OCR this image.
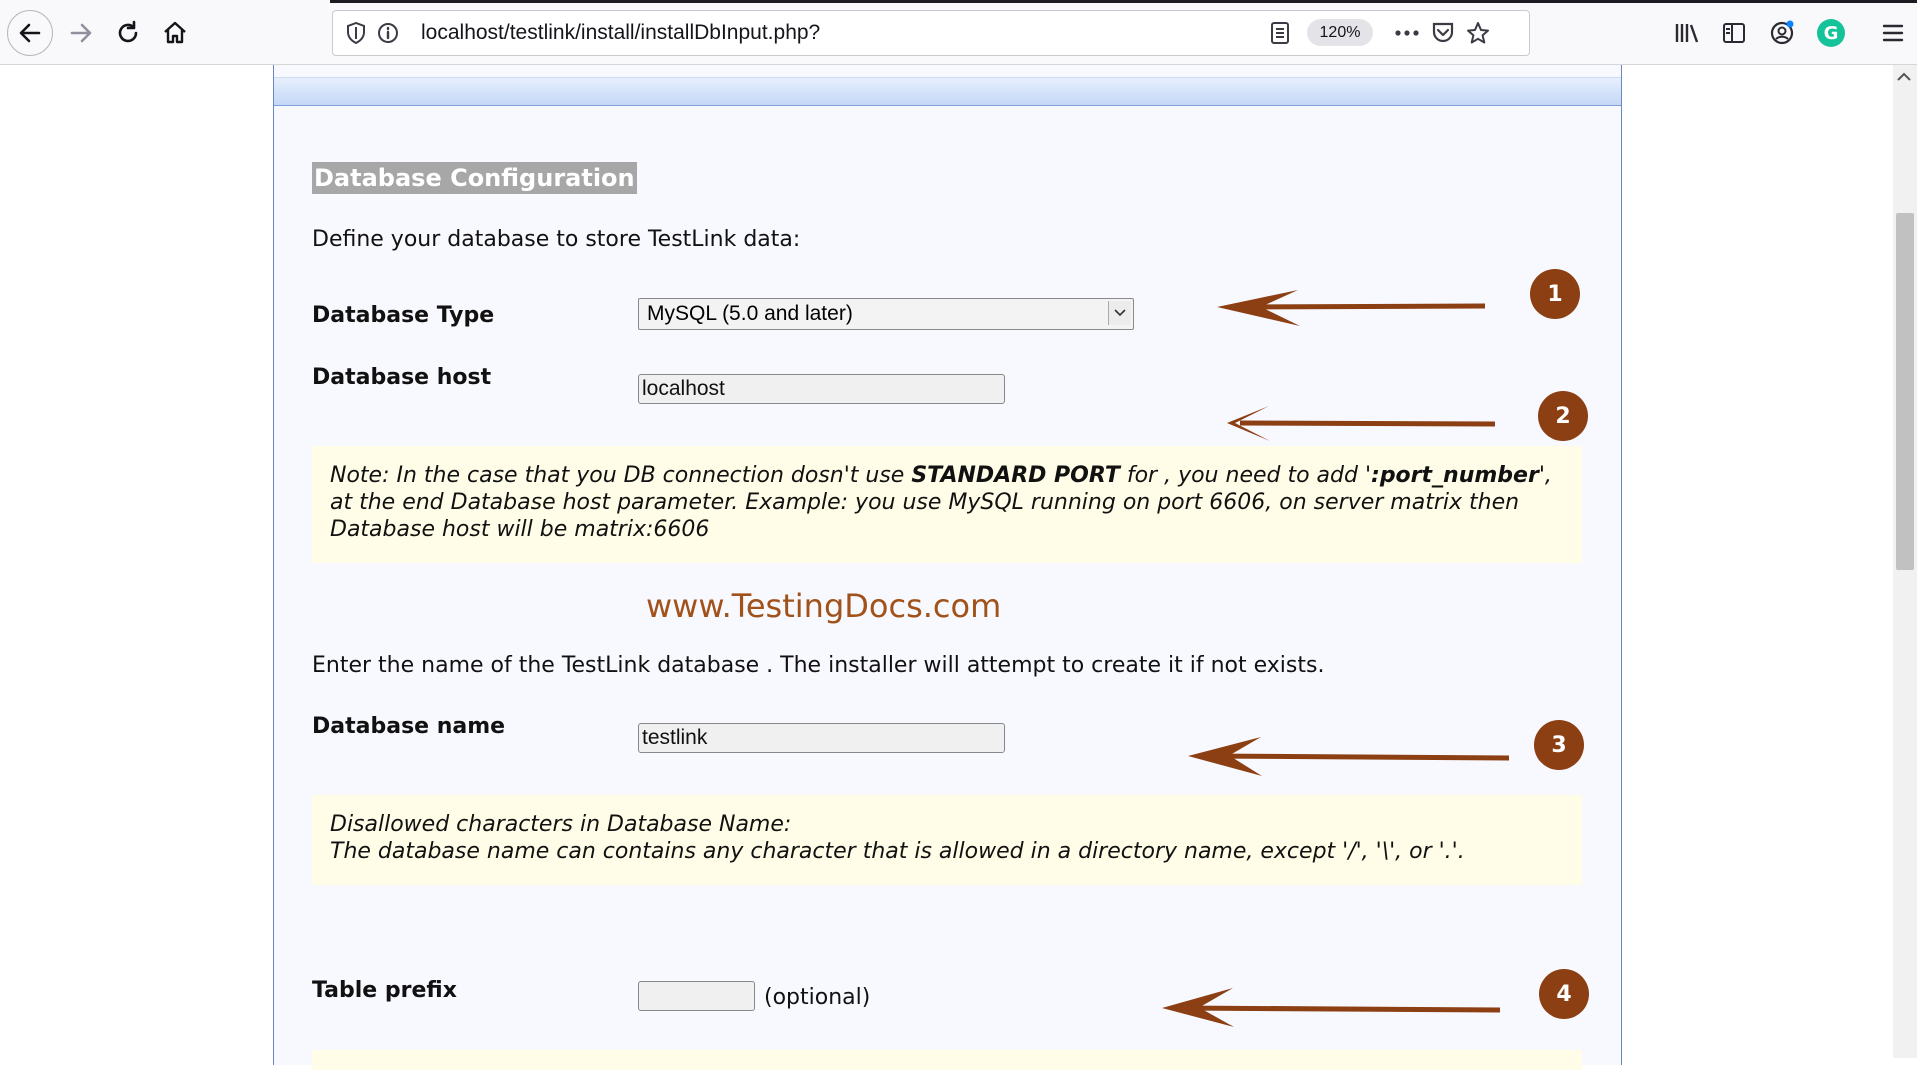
localhost/testlink/install/installDbInput.php?	120%	G
Database Configuration
Define your database to store TestLink data:
Database Type	MySQL (5.0 and later)
Database host	localhost
Note: In the case that you DB connection dosn't use STANDARD PORT for , you need to add ':port_number', at the end Database host parameter. Example: you use MySQL running on port 6606, on server matrix then Database host will be matrix:6606
www.TestingDocs.com
Enter the name of the TestLink database . The installer will attempt to create it if not exists.
Database name	testlink
Disallowed characters in Database Name:
The database name can contains any character that is allowed in a directory name, except '/', '\', or '.'.
Table prefix	(optional)
1
2
3
4
